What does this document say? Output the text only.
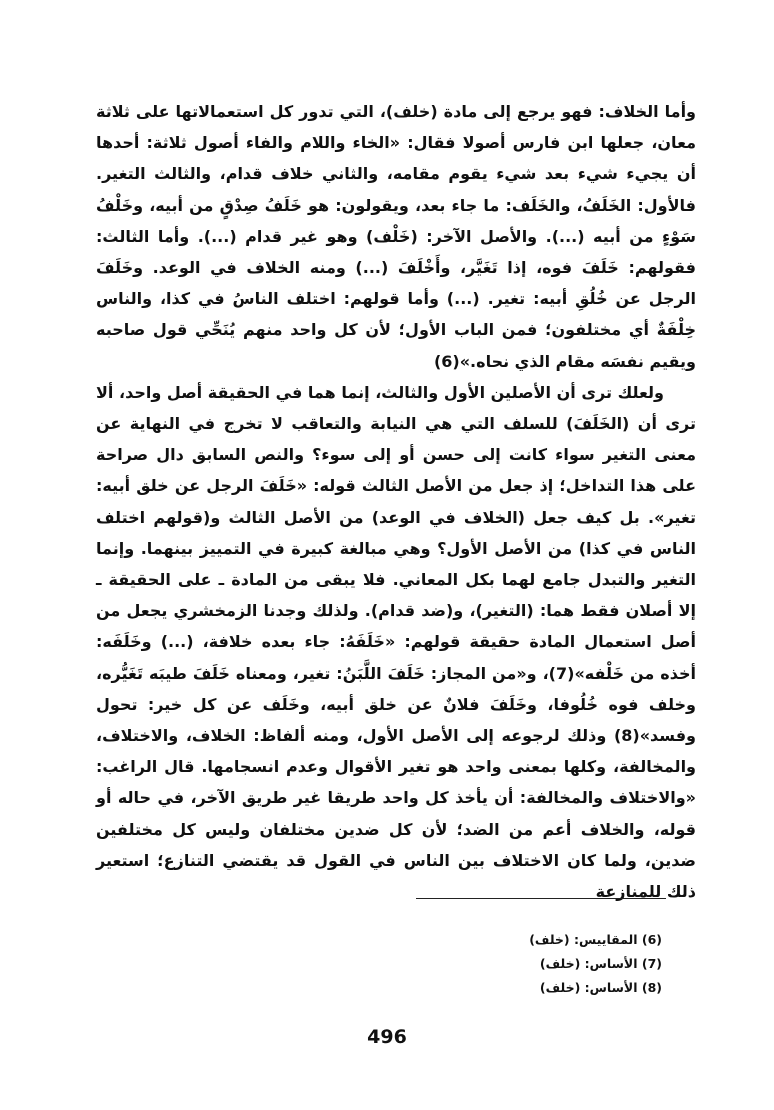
وأما الخلاف: فهو يرجع إلى مادة (خلف)، التي تدور كل استعمالاتها على ثلاثة معان، جعلها ابن فارس أصولا فقال: «الخاء واللام والفاء أصول ثلاثة: أحدها أن يجيء شيء بعد شيء يقوم مقامه، والثاني خلاف قدام، والثالث التغير. فالأول: الخَلَفُ، والخَلَف: ما جاء بعد، ويقولون: هو خَلَفُ صِدْقٍ من أبيه، وخَلْفُ سَوْءٍ من أبيه (...). والأصل الآخر: (خَلْف) وهو غير قدام (...). وأما الثالث: فقولهم: خَلَفَ فوه، إذا تَغَيَّر، وأَخْلَفَ (...) ومنه الخلاف في الوعد. وخَلَفَ الرجل عن خُلُقِ أبيه: تغير. (...) وأما قولهم: اختلف الناسُ في كذا، والناس خِلْفَةٌ أي مختلفون؛ فمن الباب الأول؛ لأن كل واحد منهم يُنَحِّي قول صاحبه ويقيم نفسَه مقام الذي نحاه.»(6)

ولعلك ترى أن الأصلين الأول والثالث، إنما هما في الحقيقة أصل واحد، ألا ترى أن (الخَلَفَ) للسلف التي هي النيابة والتعاقب لا تخرج في النهاية عن معنى التغير سواء كانت إلى حسن أو إلى سوء؟ والنص السابق دال صراحة على هذا التداخل؛ إذ جعل من الأصل الثالث قوله: «خَلَفَ الرجل عن خلق أبيه: تغير». بل كيف جعل (الخلاف في الوعد) من الأصل الثالث و(قولهم اختلف الناس في كذا) من الأصل الأول؟ وهي مبالغة كبيرة في التمييز بينهما. وإنما التغير والتبدل جامع لهما بكل المعاني. فلا يبقى من المادة ـ على الحقيقة ـ إلا أصلان فقط هما: (التغير)، و(ضد قدام). ولذلك وجدنا الزمخشري يجعل من أصل استعمال المادة حقيقة قولهم: «خَلَفَهُ: جاء بعده خلافة، (...) وخَلَفَه: أخذه من خَلْفه»(7)، و«من المجاز: خَلَفَ اللَّبَنُ: تغير، ومعناه خَلَفَ طيبَه تَغَيُّره، وخلف فوه خُلُوفا، وخَلَفَ فلانٌ عن خلق أبيه، وخَلَف عن كل خير: تحول وفسد»(8) وذلك لرجوعه إلى الأصل الأول، ومنه ألفاظ: الخلاف، والاختلاف، والمخالفة، وكلها بمعنى واحد هو تغير الأقوال وعدم انسجامها. قال الراغب: «والاختلاف والمخالفة: أن يأخذ كل واحد طريقا غير طريق الآخر، في حاله أو قوله، والخلاف أعم من الضد؛ لأن كل ضدين مختلفان وليس كل مختلفين ضدين، ولما كان الاختلاف بين الناس في القول قد يقتضي التنازع؛ استعير ذلك للمنازعة

(6) المقاييس: (خلف)
(7) الأساس: (خلف)
(8) الأساس: (خلف)
496
